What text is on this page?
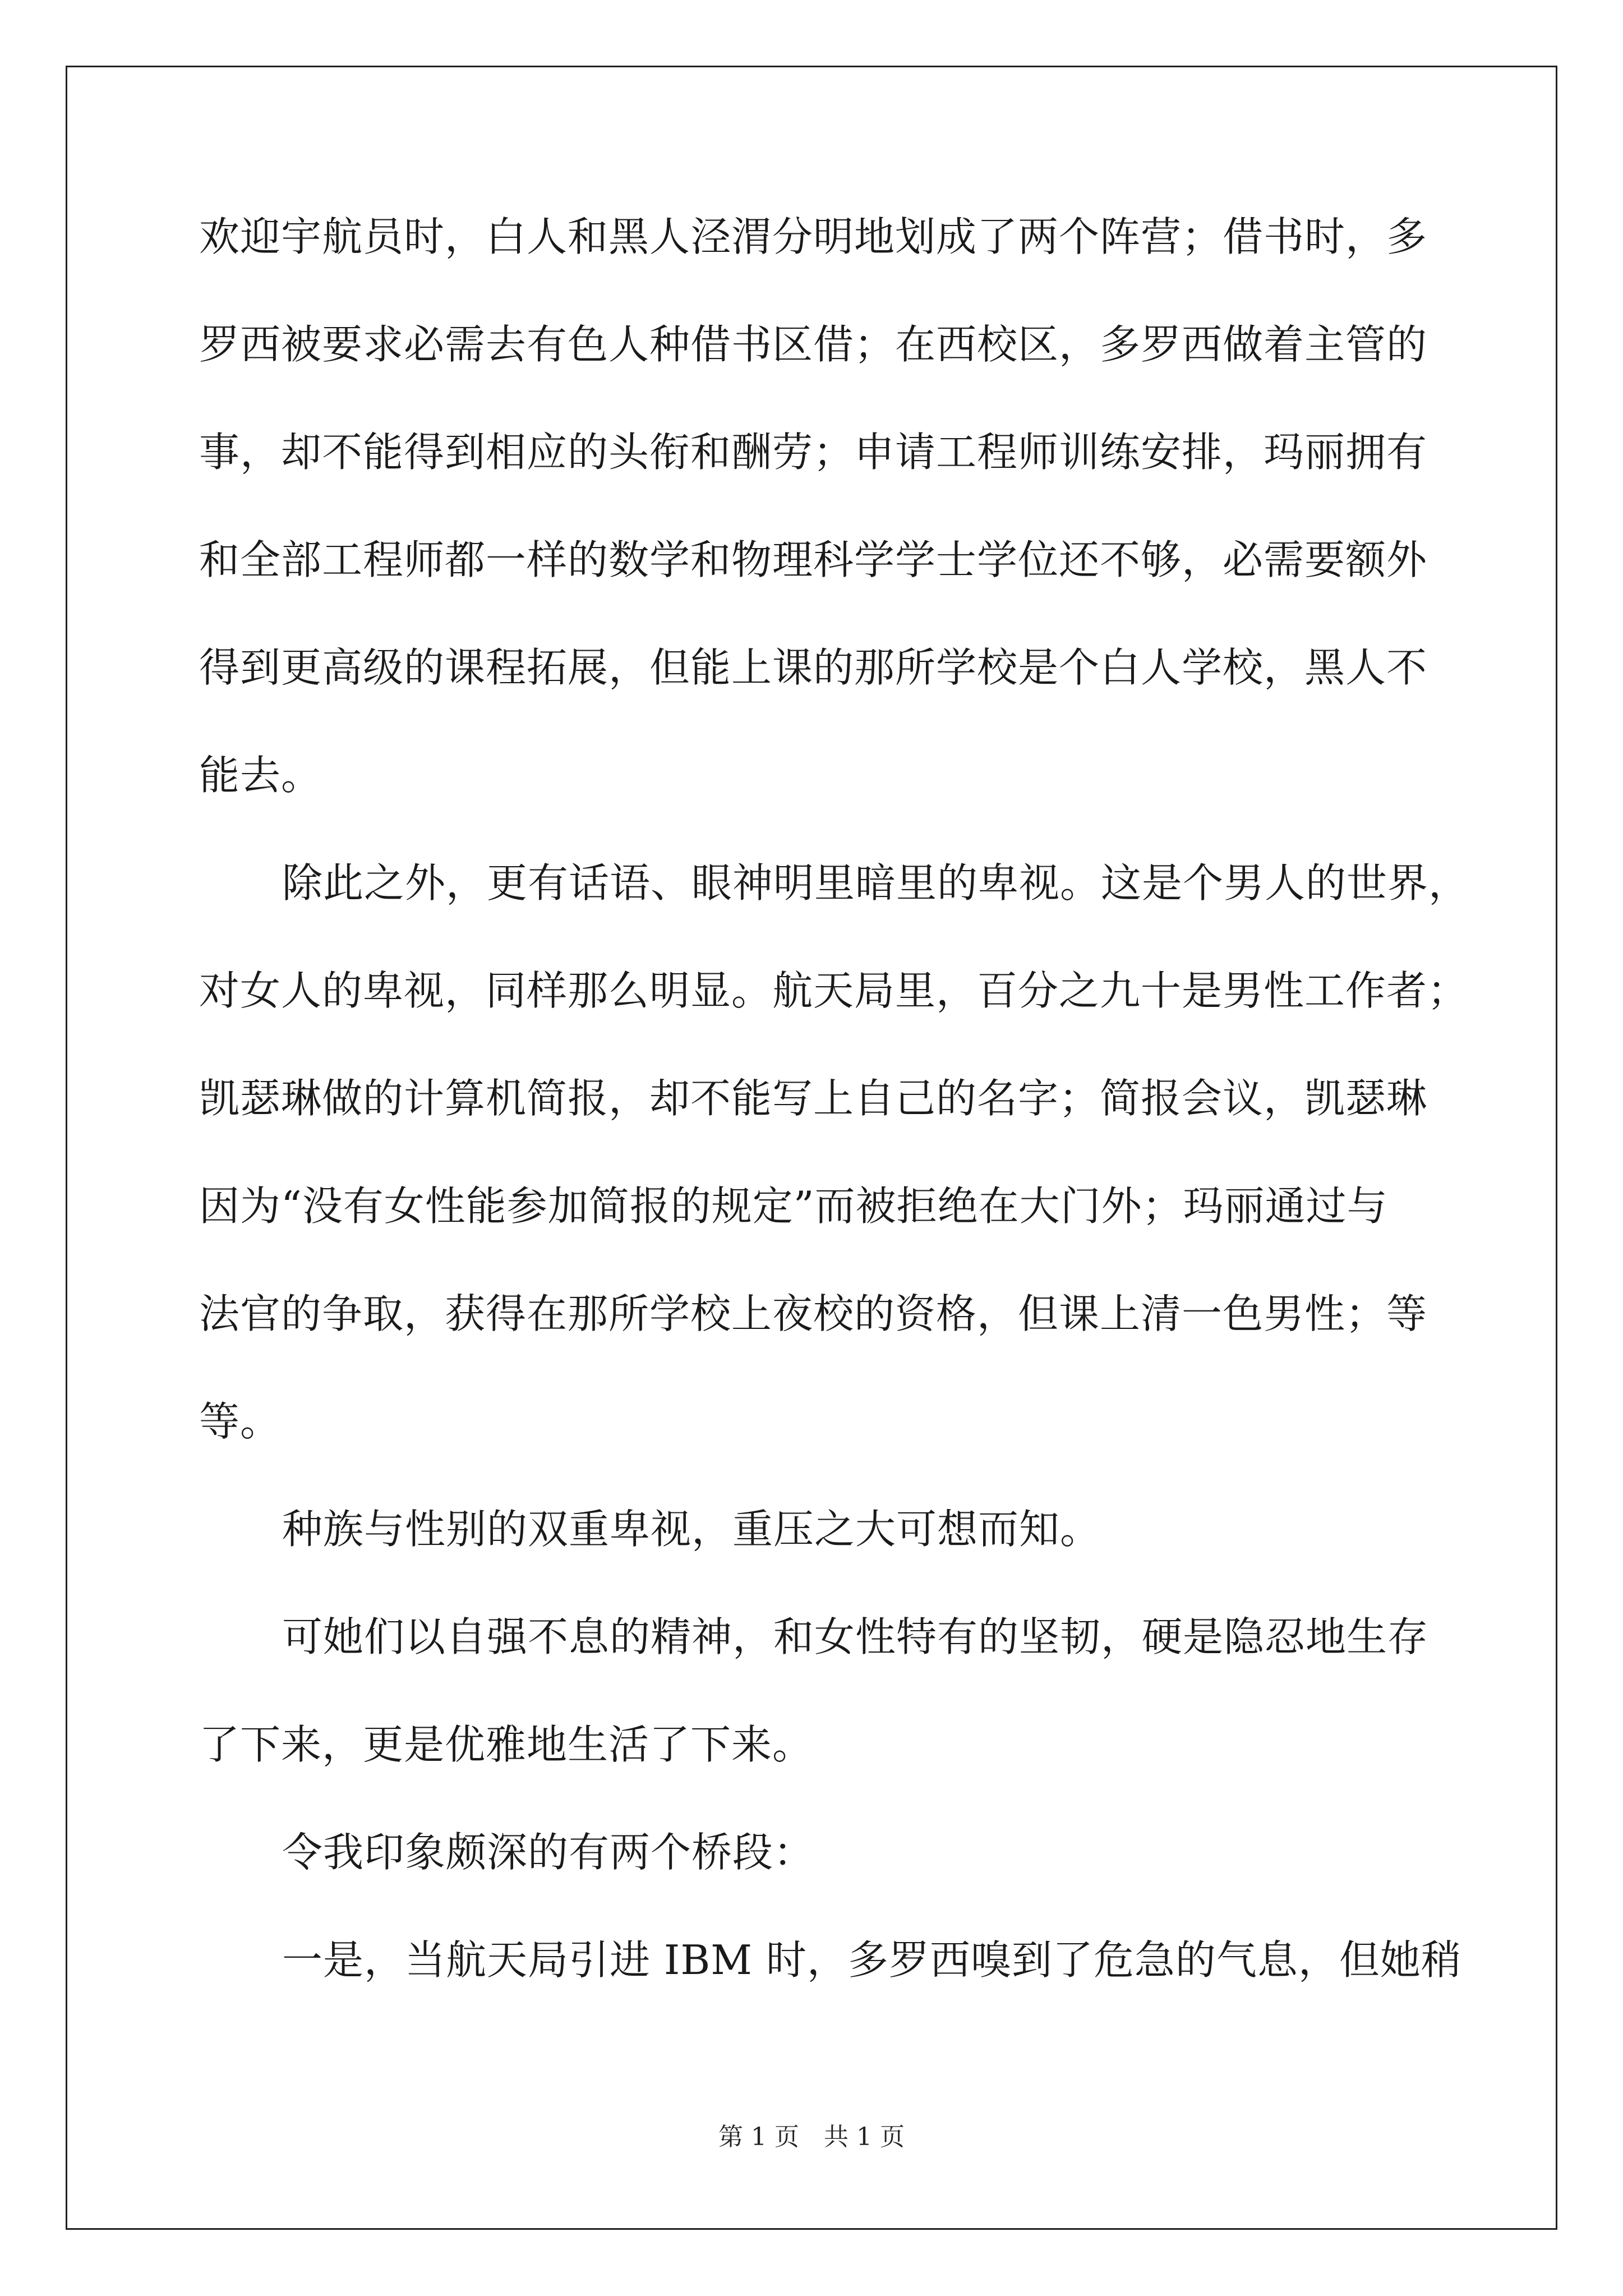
欢迎宇航员时，白人和黑人泾渭分明地划成了两个阵营；借书时，多
罗西被要求必需去有色人种借书区借；在西校区，多罗西做着主管的
事，却不能得到相应的头衔和酬劳；申请工程师训练安排，玛丽拥有
和全部工程师都一样的数学和物理科学学士学位还不够，必需要额外
得到更高级的课程拓展，但能上课的那所学校是个白人学校，黑人不
能去。
除此之外，更有话语、眼神明里暗里的卑视。这是个男人的世界，
对女人的卑视，同样那么明显。航天局里，百分之九十是男性工作者；
凯瑟琳做的计算机简报，却不能写上自己的名字；简报会议，凯瑟琳
因为“没有女性能参加简报的规定”而被拒绝在大门外；玛丽通过与
法官的争取，获得在那所学校上夜校的资格，但课上清一色男性；等
等。
种族与性别的双重卑视，重压之大可想而知。
可她们以自强不息的精神，和女性特有的坚韧，硬是隐忍地生存
了下来，更是优雅地生活了下来。
令我印象颇深的有两个桥段：
一是，当航天局引进 IBM 时，多罗西嗅到了危急的气息，但她稍
第 1 页 共 1 页
